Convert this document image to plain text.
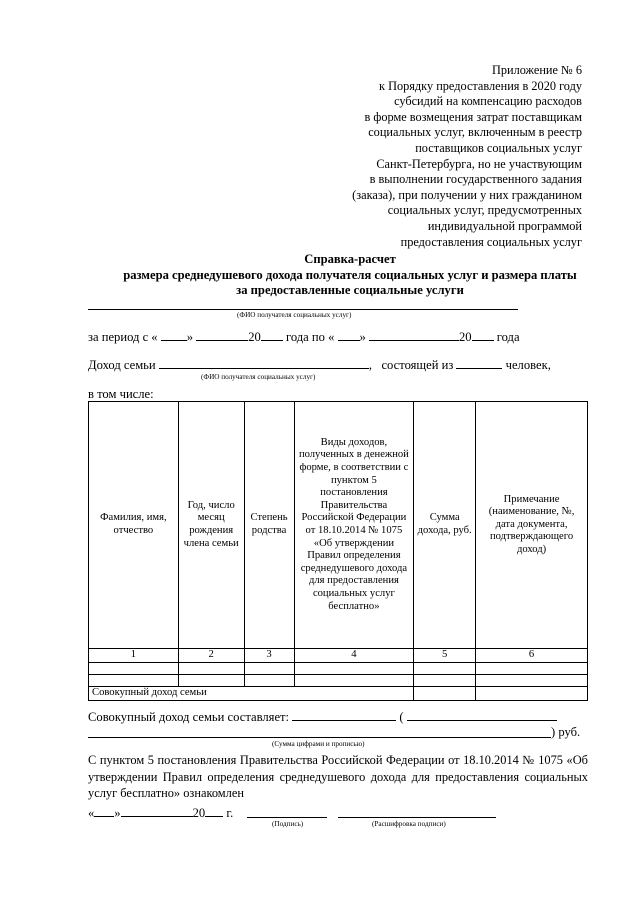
Приложение № 6
к Порядку предоставления в 2020 году
субсидий на компенсацию расходов
в форме возмещения затрат поставщикам
социальных услуг, включенным в реестр
поставщиков социальных услуг
Санкт-Петербурга, но не участвующим
в выполнении государственного задания
(заказа), при получении у них гражданином
социальных услуг, предусмотренных
индивидуальной программой
предоставления социальных услуг
Справка-расчет
размера среднедушевого дохода получателя социальных услуг и размера платы
за предоставленные социальные услуги
(ФИО получателя социальных услуг)
за период с « »	20 года по « »	20 года
Доход семьи	, состоящей из	человек,
(ФИО получателя социальных услуг)
в том числе:
Фамилия, имя, отчество	Год, число месяц рождения члена семьи	Степень родства	Виды доходов, полученных в денежной форме, в соответствии с пунктом 5 постановления Правительства Российской Федерации от 18.10.2014 № 1075 «Об утверждении Правил определения среднедушевого дохода для предоставления социальных услуг бесплатно»	Сумма дохода, руб.	Примечание (наименование, №, дата документа, подтверждающего доход)
1	2	3	4	5	6

Совокупный доход семьи					
Совокупный доход семьи составляет:	(
) руб.
(Сумма цифрами и прописью)
С пунктом 5 постановления Правительства Российской Федерации от 18.10.2014 № 1075 «Об утверждении Правил определения среднедушевого дохода для предоставления социальных услуг бесплатно» ознакомлен
« »	20 г.
(Подпись)	(Расшифровка подписи)
